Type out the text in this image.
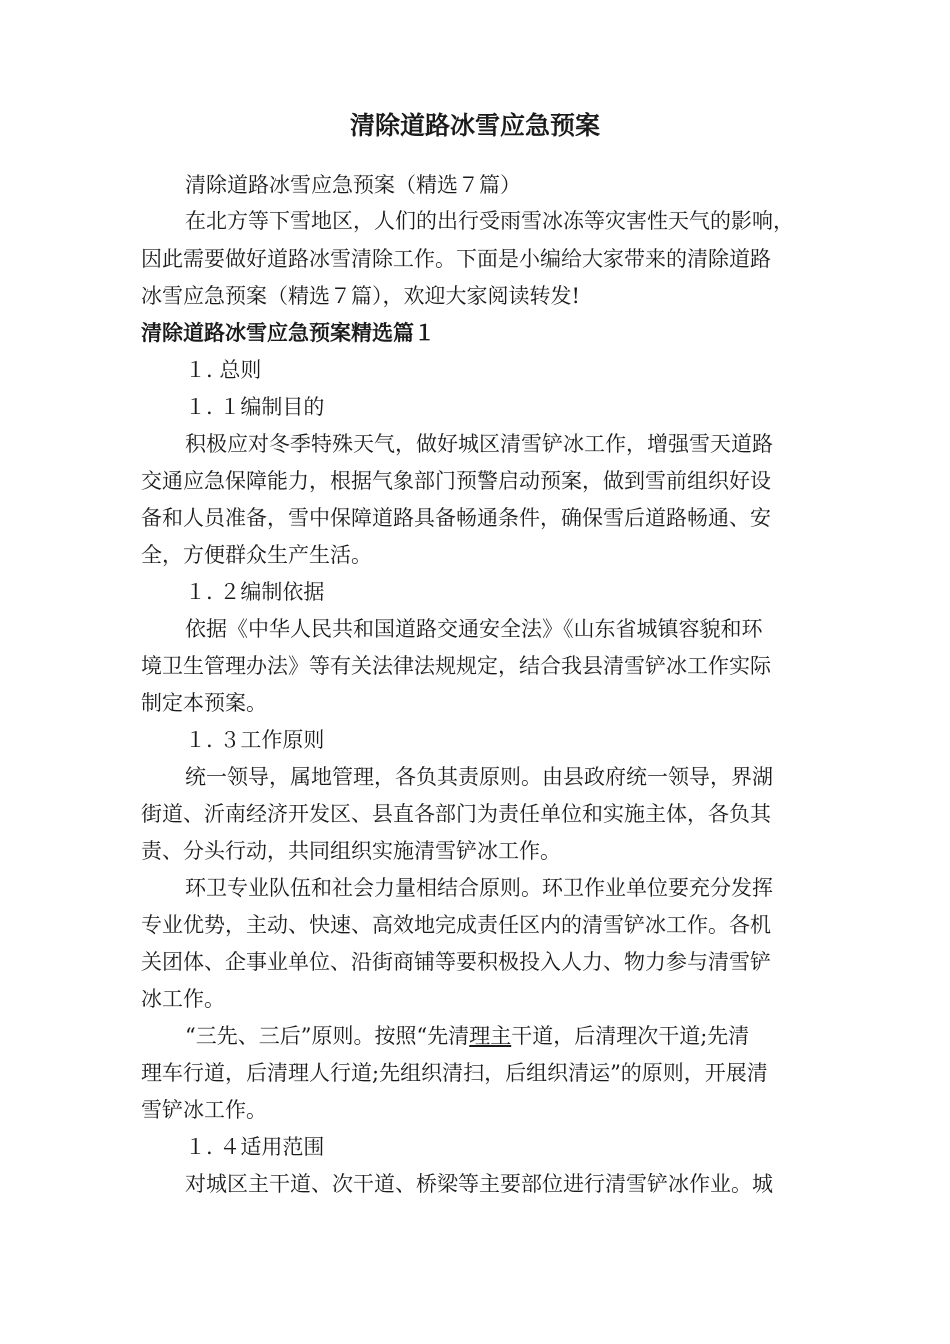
清除道路冰雪应急预案
清除道路冰雪应急预案（精选７篇）
在北方等下雪地区，人们的出行受雨雪冰冻等灾害性天气的影响，
因此需要做好道路冰雪清除工作。下面是小编给大家带来的清除道路
冰雪应急预案（精选７篇），欢迎大家阅读转发!
清除道路冰雪应急预案精选篇１
１. 总则
１. １编制目的
积极应对冬季特殊天气，做好城区清雪铲冰工作，增强雪天道路
交通应急保障能力，根据气象部门预警启动预案，做到雪前组织好设
备和人员准备，雪中保障道路具备畅通条件，确保雪后道路畅通、安
全，方便群众生产生活。
１. ２编制依据
依据《中华人民共和国道路交通安全法》《山东省城镇容貌和环
境卫生管理办法》等有关法律法规规定，结合我县清雪铲冰工作实际
制定本预案。
１. ３工作原则
统一领导，属地管理，各负其责原则。由县政府统一领导，界湖
街道、沂南经济开发区、县直各部门为责任单位和实施主体，各负其
责、分头行动，共同组织实施清雪铲冰工作。
环卫专业队伍和社会力量相结合原则。环卫作业单位要充分发挥
专业优势，主动、快速、高效地完成责任区内的清雪铲冰工作。各机
关团体、企事业单位、沿街商铺等要积极投入人力、物力参与清雪铲
冰工作。
“三先、三后”原则。按照“先清理主干道，后清理次干道;先清
理车行道，后清理人行道;先组织清扫，后组织清运”的原则，开展清
雪铲冰工作。
１. ４适用范围
对城区主干道、次干道、桥梁等主要部位进行清雪铲冰作业。城
